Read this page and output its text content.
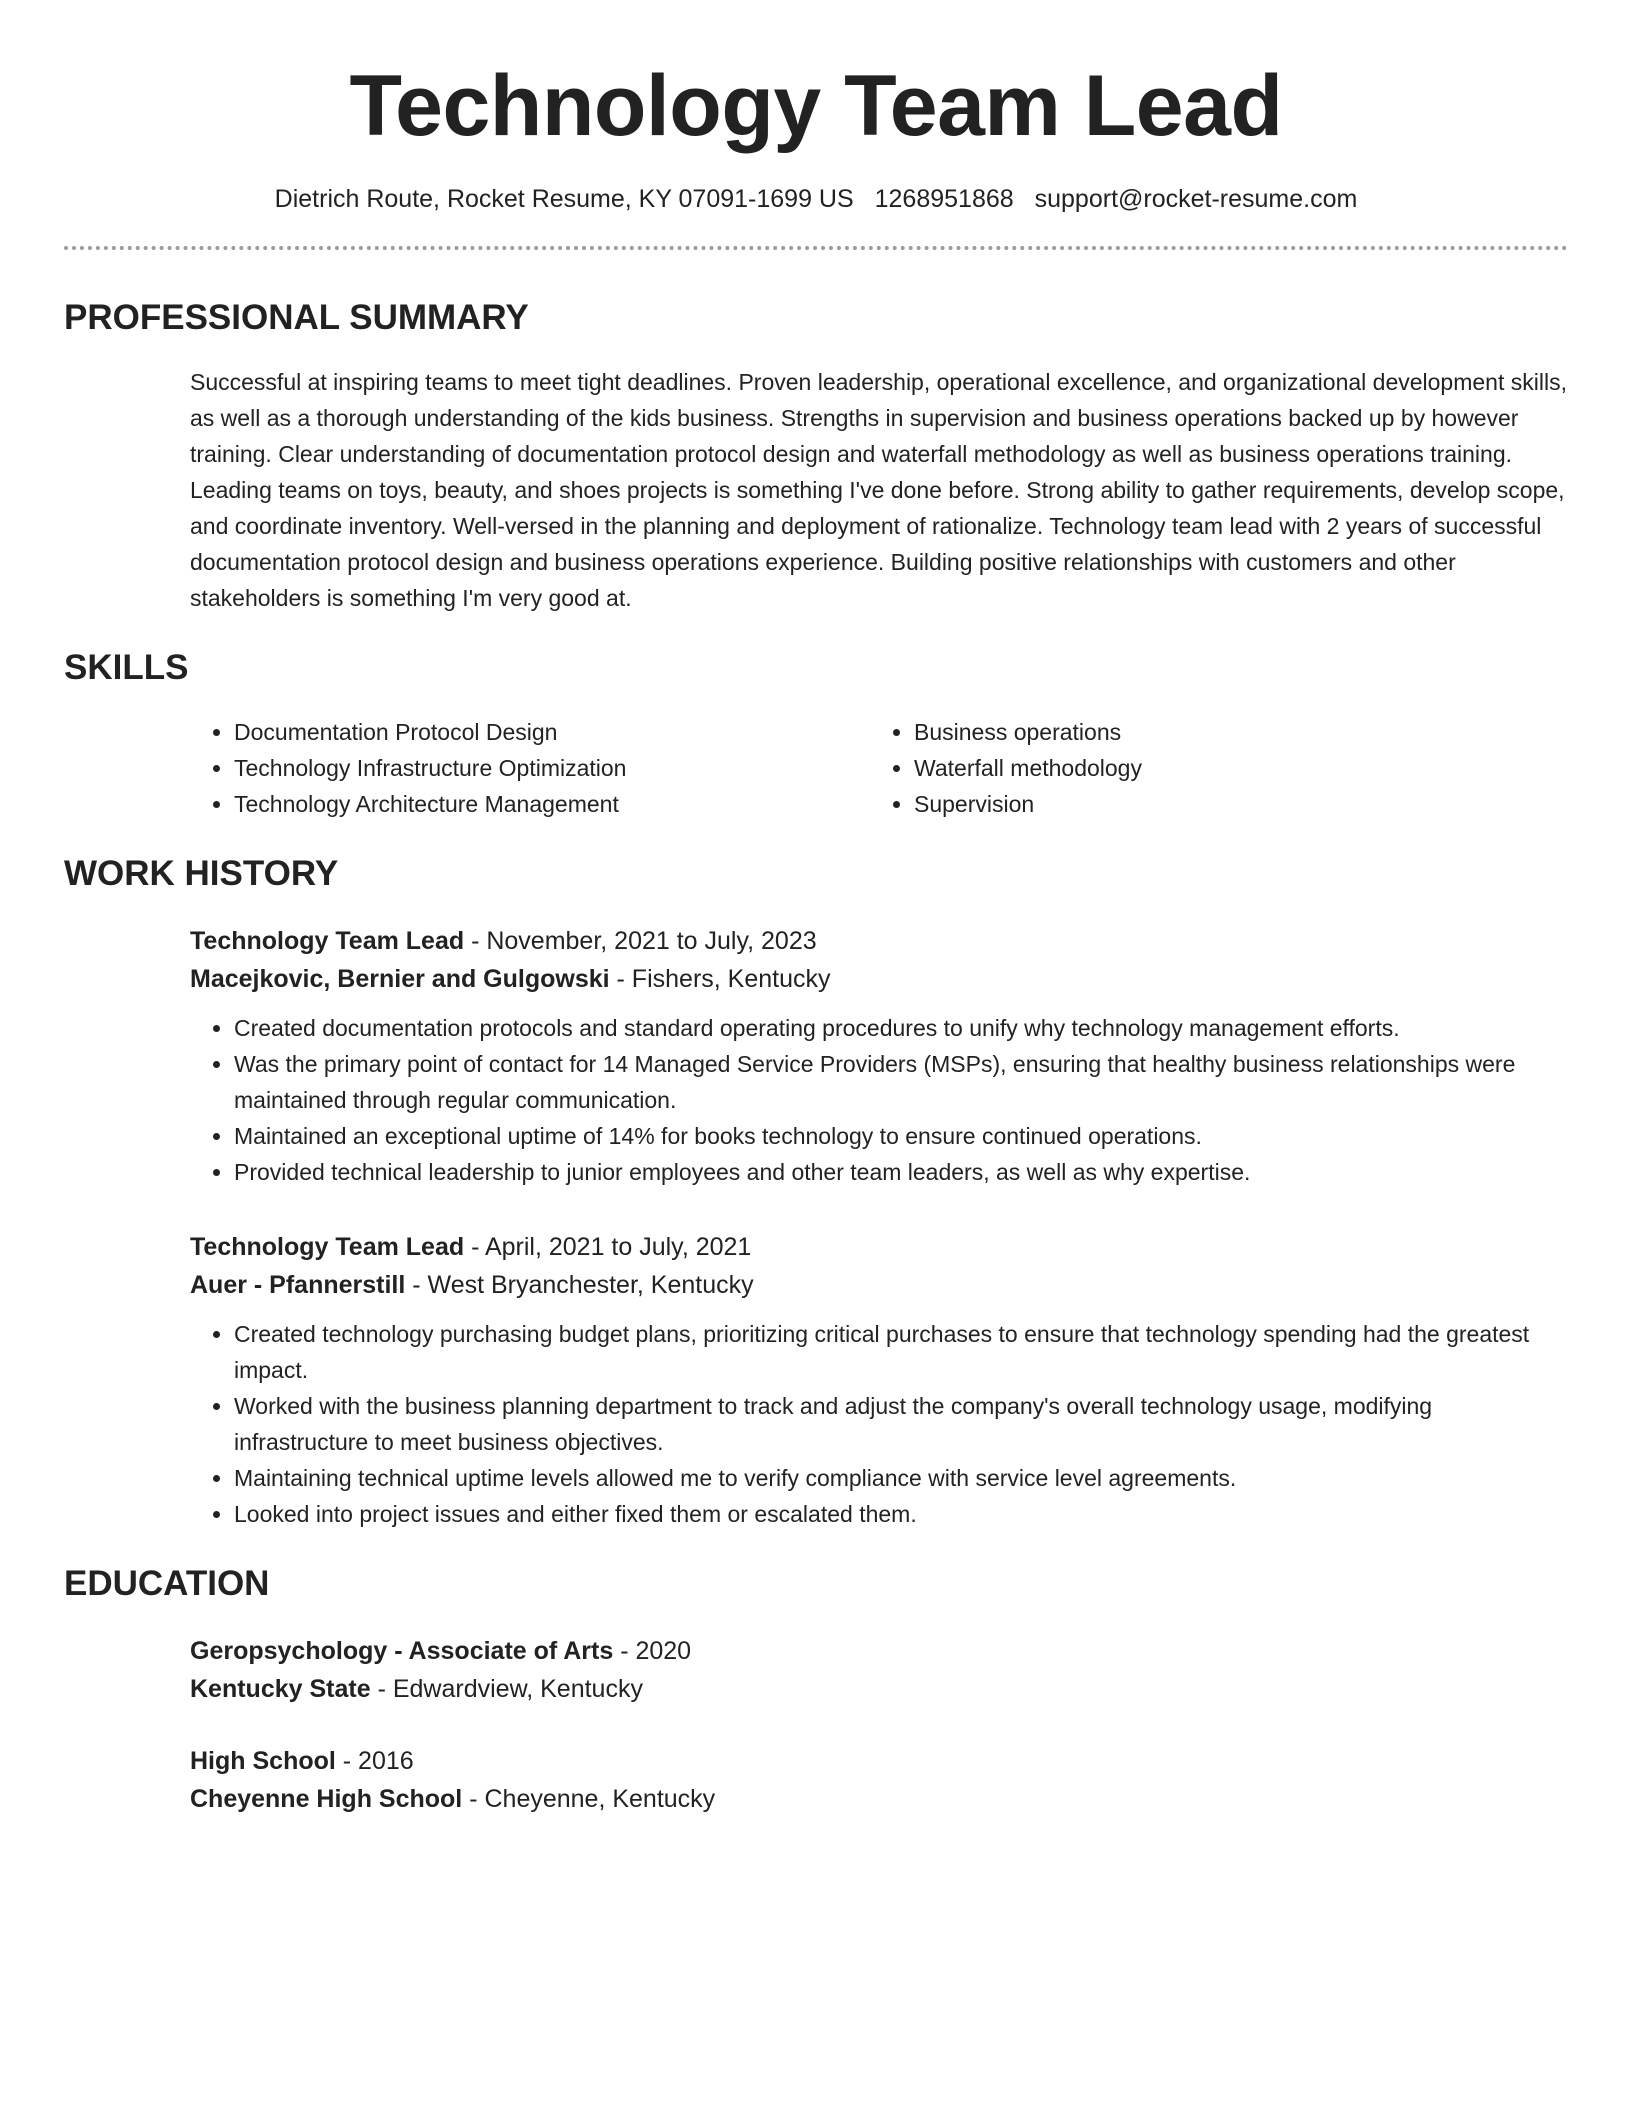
Technology Team Lead
Dietrich Route, Rocket Resume, KY 07091-1699 US 1268951868 support@rocket-resume.com
PROFESSIONAL SUMMARY
Successful at inspiring teams to meet tight deadlines. Proven leadership, operational excellence, and organizational development skills, as well as a thorough understanding of the kids business. Strengths in supervision and business operations backed up by however training. Clear understanding of documentation protocol design and waterfall methodology as well as business operations training. Leading teams on toys, beauty, and shoes projects is something I've done before. Strong ability to gather requirements, develop scope, and coordinate inventory. Well-versed in the planning and deployment of rationalize. Technology team lead with 2 years of successful documentation protocol design and business operations experience. Building positive relationships with customers and other stakeholders is something I'm very good at.
SKILLS
• Documentation Protocol Design
• Technology Infrastructure Optimization
• Technology Architecture Management
• Business operations
• Waterfall methodology
• Supervision
WORK HISTORY
Technology Team Lead - November, 2021 to July, 2023
Macejkovic, Bernier and Gulgowski - Fishers, Kentucky
• Created documentation protocols and standard operating procedures to unify why technology management efforts.
• Was the primary point of contact for 14 Managed Service Providers (MSPs), ensuring that healthy business relationships were maintained through regular communication.
• Maintained an exceptional uptime of 14% for books technology to ensure continued operations.
• Provided technical leadership to junior employees and other team leaders, as well as why expertise.
Technology Team Lead - April, 2021 to July, 2021
Auer - Pfannerstill - West Bryanchester, Kentucky
• Created technology purchasing budget plans, prioritizing critical purchases to ensure that technology spending had the greatest impact.
• Worked with the business planning department to track and adjust the company's overall technology usage, modifying infrastructure to meet business objectives.
• Maintaining technical uptime levels allowed me to verify compliance with service level agreements.
• Looked into project issues and either fixed them or escalated them.
EDUCATION
Geropsychology - Associate of Arts - 2020
Kentucky State - Edwardview, Kentucky
High School - 2016
Cheyenne High School - Cheyenne, Kentucky
